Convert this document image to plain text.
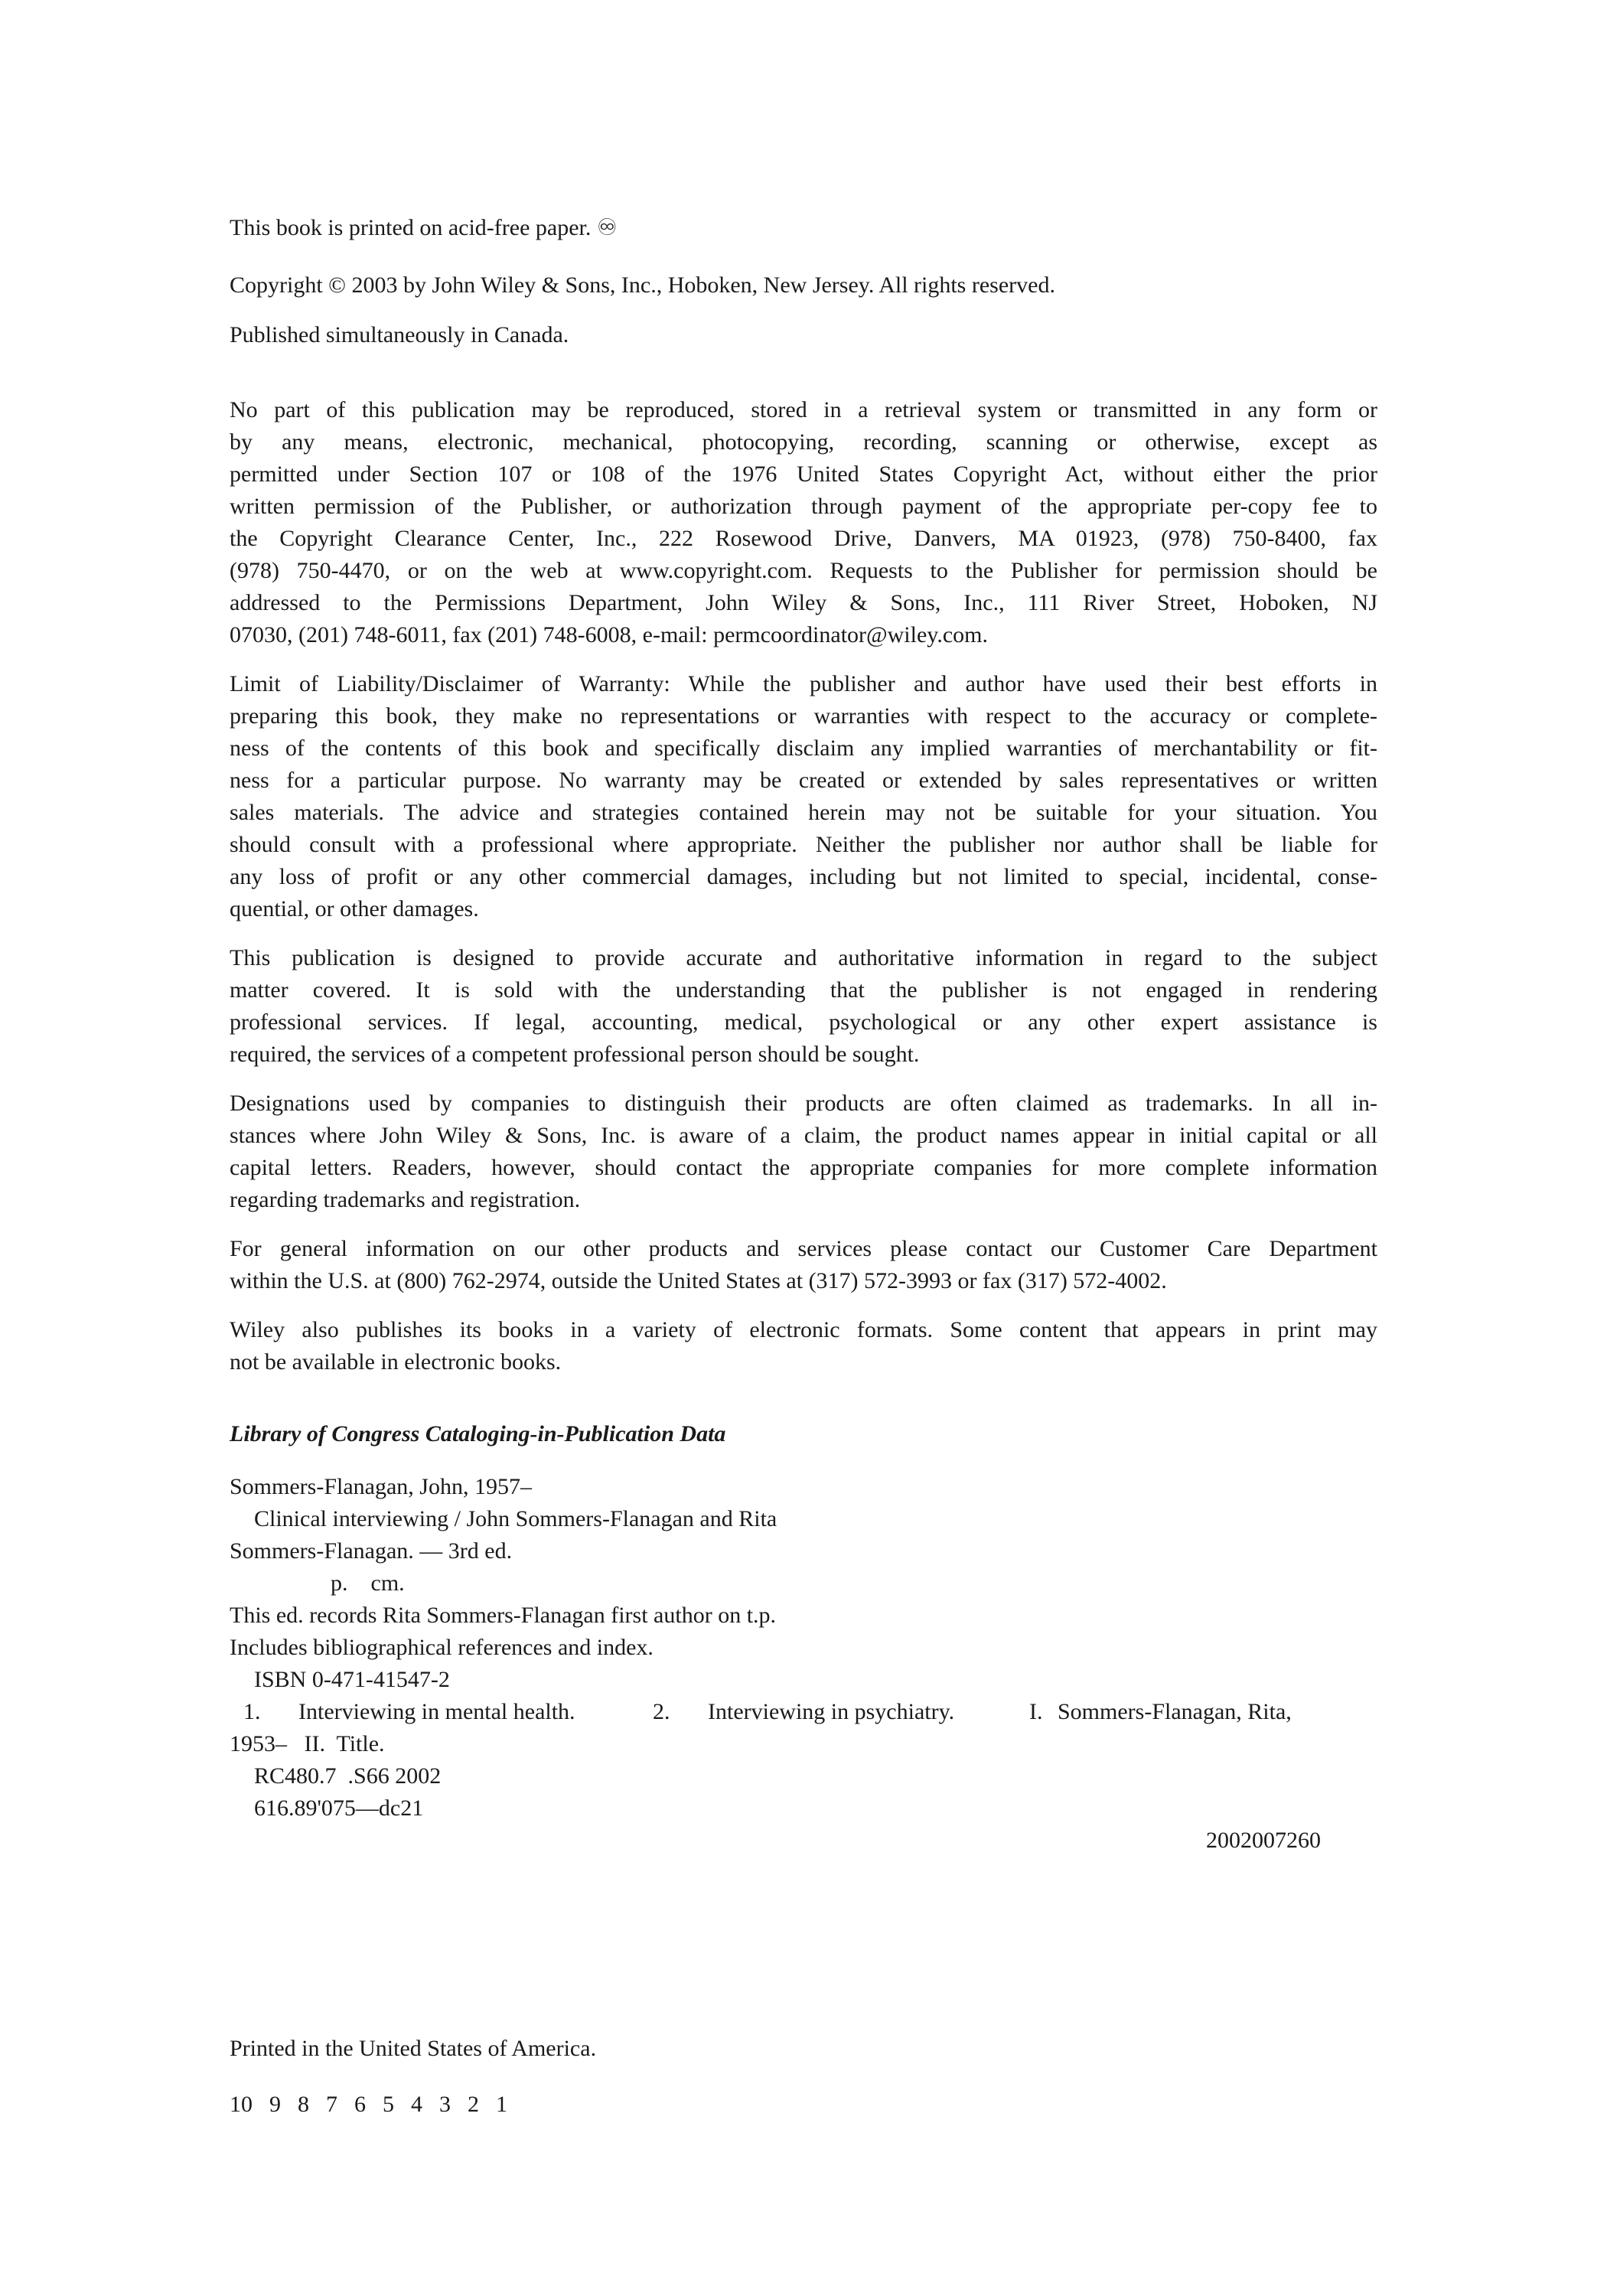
This book is printed on acid-free paper. ♾
Copyright © 2003 by John Wiley & Sons, Inc., Hoboken, New Jersey. All rights reserved.
Published simultaneously in Canada.
No part of this publication may be reproduced, stored in a retrieval system or transmitted in any form or
by any means, electronic, mechanical, photocopying, recording, scanning or otherwise, except as
permitted under Section 107 or 108 of the 1976 United States Copyright Act, without either the prior
written permission of the Publisher, or authorization through payment of the appropriate per-copy fee to
the Copyright Clearance Center, Inc., 222 Rosewood Drive, Danvers, MA 01923, (978) 750-8400, fax
(978) 750-4470, or on the web at www.copyright.com. Requests to the Publisher for permission should be
addressed to the Permissions Department, John Wiley & Sons, Inc., 111 River Street, Hoboken, NJ
07030, (201) 748-6011, fax (201) 748-6008, e-mail: permcoordinator@wiley.com.
Limit of Liability/Disclaimer of Warranty: While the publisher and author have used their best efforts in
preparing this book, they make no representations or warranties with respect to the accuracy or complete-
ness of the contents of this book and specifically disclaim any implied warranties of merchantability or fit-
ness for a particular purpose. No warranty may be created or extended by sales representatives or written
sales materials. The advice and strategies contained herein may not be suitable for your situation. You
should consult with a professional where appropriate. Neither the publisher nor author shall be liable for
any loss of profit or any other commercial damages, including but not limited to special, incidental, conse-
quential, or other damages.
This publication is designed to provide accurate and authoritative information in regard to the subject
matter covered. It is sold with the understanding that the publisher is not engaged in rendering
professional services. If legal, accounting, medical, psychological or any other expert assistance is
required, the services of a competent professional person should be sought.
Designations used by companies to distinguish their products are often claimed as trademarks. In all in-
stances where John Wiley & Sons, Inc. is aware of a claim, the product names appear in initial capital or all
capital letters. Readers, however, should contact the appropriate companies for more complete information
regarding trademarks and registration.
For general information on our other products and services please contact our Customer Care Department
within the U.S. at (800) 762-2974, outside the United States at (317) 572-3993 or fax (317) 572-4002.
Wiley also publishes its books in a variety of electronic formats. Some content that appears in print may
not be available in electronic books.
Library of Congress Cataloging-in-Publication Data
Sommers-Flanagan, John, 1957–
Clinical interviewing / John Sommers-Flanagan and Rita
Sommers-Flanagan. — 3rd ed.
p.    cm.
This ed. records Rita Sommers-Flanagan first author on t.p.
Includes bibliographical references and index.
ISBN 0-471-41547-2
1. Interviewing in mental health.	2. Interviewing in psychiatry.	I. Sommers-Flanagan, Rita,
1953–   II.  Title.
RC480.7  .S66 2002
616.89'075—dc21
2002007260
Printed in the United States of America.
10 9 8 7 6 5 4 3 2 1
